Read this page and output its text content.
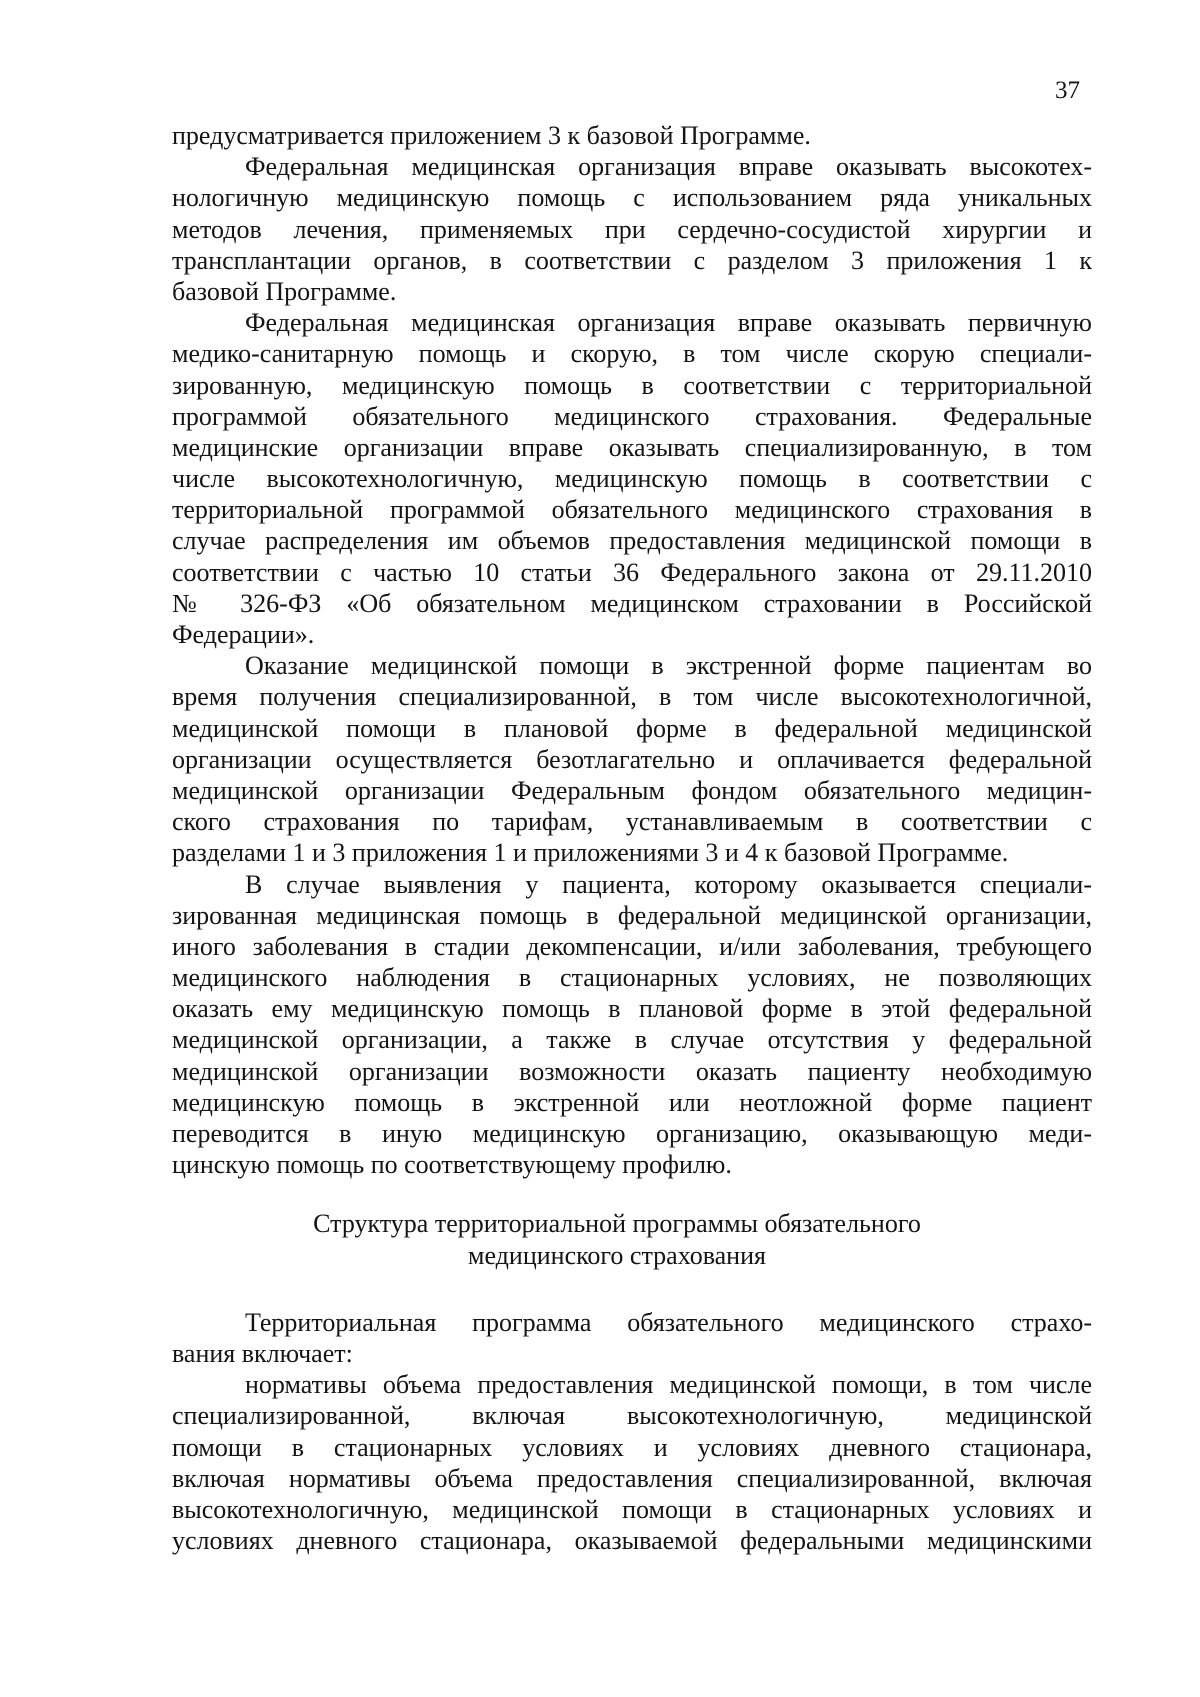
37
предусматривается приложением 3 к базовой Программе.
Федеральная медицинская организация вправе оказывать высокотех-
нологичную медицинскую помощь с использованием ряда уникальных
методов лечения, применяемых при сердечно-сосудистой хирургии и
трансплантации органов, в соответствии с разделом 3 приложения 1 к
базовой Программе.
Федеральная медицинская организация вправе оказывать первичную
медико-санитарную помощь и скорую, в том числе скорую специали-
зированную, медицинскую помощь в соответствии с территориальной
программой обязательного медицинского страхования. Федеральные
медицинские организации вправе оказывать специализированную, в том
числе высокотехнологичную, медицинскую помощь в соответствии с
территориальной программой обязательного медицинского страхования в
случае распределения им объемов предоставления медицинской помощи в
соответствии с частью 10 статьи 36 Федерального закона от 29.11.2010
№ 326-ФЗ «Об обязательном медицинском страховании в Российской
Федерации».
Оказание медицинской помощи в экстренной форме пациентам во
время получения специализированной, в том числе высокотехнологичной,
медицинской помощи в плановой форме в федеральной медицинской
организации осуществляется безотлагательно и оплачивается федеральной
медицинской организации Федеральным фондом обязательного медицин-
ского страхования по тарифам, устанавливаемым в соответствии с
разделами 1 и 3 приложения 1 и приложениями 3 и 4 к базовой Программе.
В случае выявления у пациента, которому оказывается специали-
зированная медицинская помощь в федеральной медицинской организации,
иного заболевания в стадии декомпенсации, и/или заболевания, требующего
медицинского наблюдения в стационарных условиях, не позволяющих
оказать ему медицинскую помощь в плановой форме в этой федеральной
медицинской организации, а также в случае отсутствия у федеральной
медицинской организации возможности оказать пациенту необходимую
медицинскую помощь в экстренной или неотложной форме пациент
переводится в иную медицинскую организацию, оказывающую меди-
цинскую помощь по соответствующему профилю.
Структура территориальной программы обязательного
медицинского страхования
Территориальная программа обязательного медицинского страхо-
вания включает:
нормативы объема предоставления медицинской помощи, в том числе
специализированной, включая высокотехнологичную, медицинской
помощи в стационарных условиях и условиях дневного стационара,
включая нормативы объема предоставления специализированной, включая
высокотехнологичную, медицинской помощи в стационарных условиях и
условиях дневного стационара, оказываемой федеральными медицинскими
